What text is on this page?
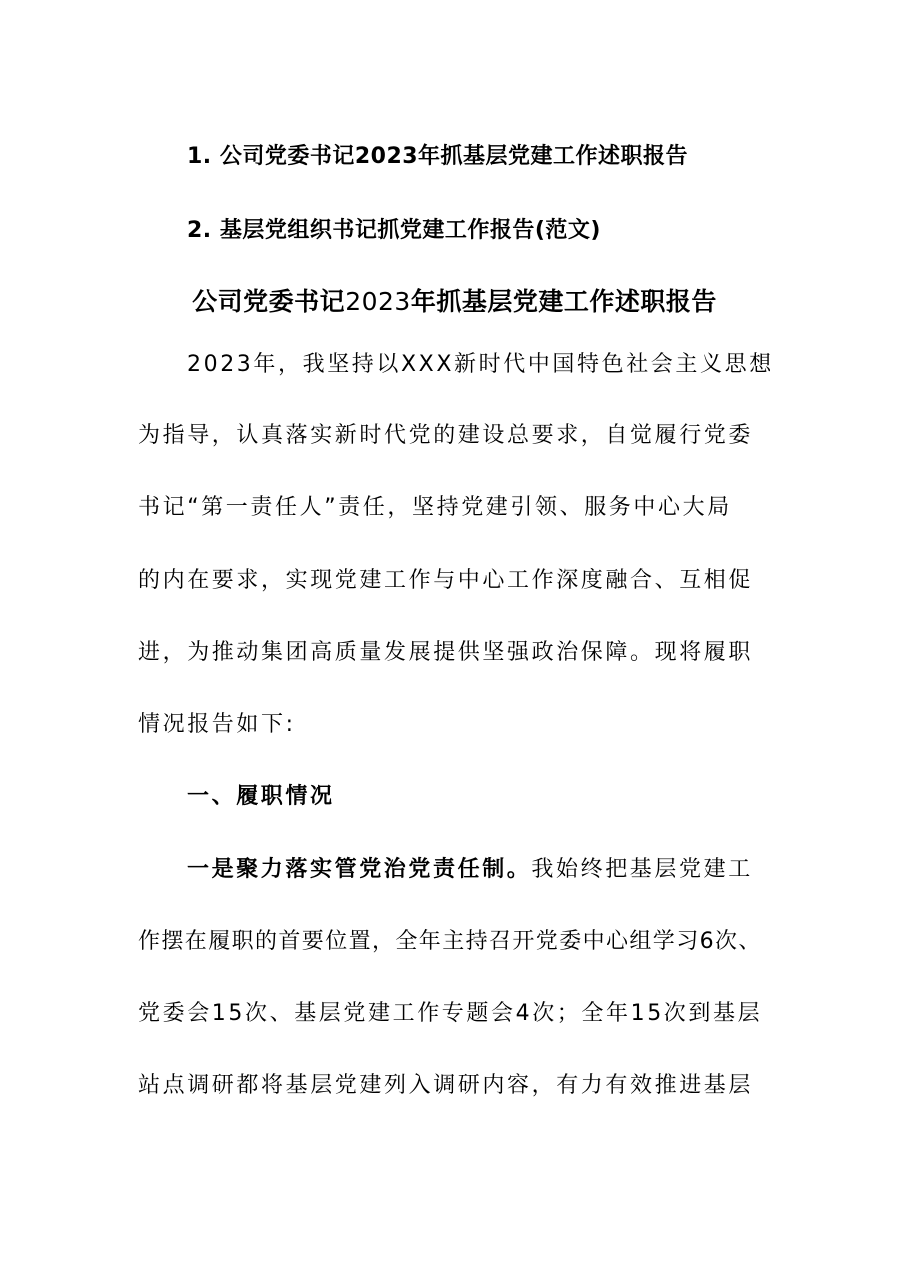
1. 公司党委书记2023年抓基层党建工作述职报告
2. 基层党组织书记抓党建工作报告(范文)
公司党委书记2023年抓基层党建工作述职报告
2023年，我坚持以XXX新时代中国特色社会主义思想
为指导，认真落实新时代党的建设总要求，自觉履行党委
书记“第一责任人”责任，坚持党建引领、服务中心大局
的内在要求，实现党建工作与中心工作深度融合、互相促
进，为推动集团高质量发展提供坚强政治保障。现将履职
情况报告如下:
一、履职情况
一是聚力落实管党治党责任制。我始终把基层党建工
作摆在履职的首要位置，全年主持召开党委中心组学习6次、
党委会15次、基层党建工作专题会4次；全年15次到基层
站点调研都将基层党建列入调研内容，有力有效推进基层
